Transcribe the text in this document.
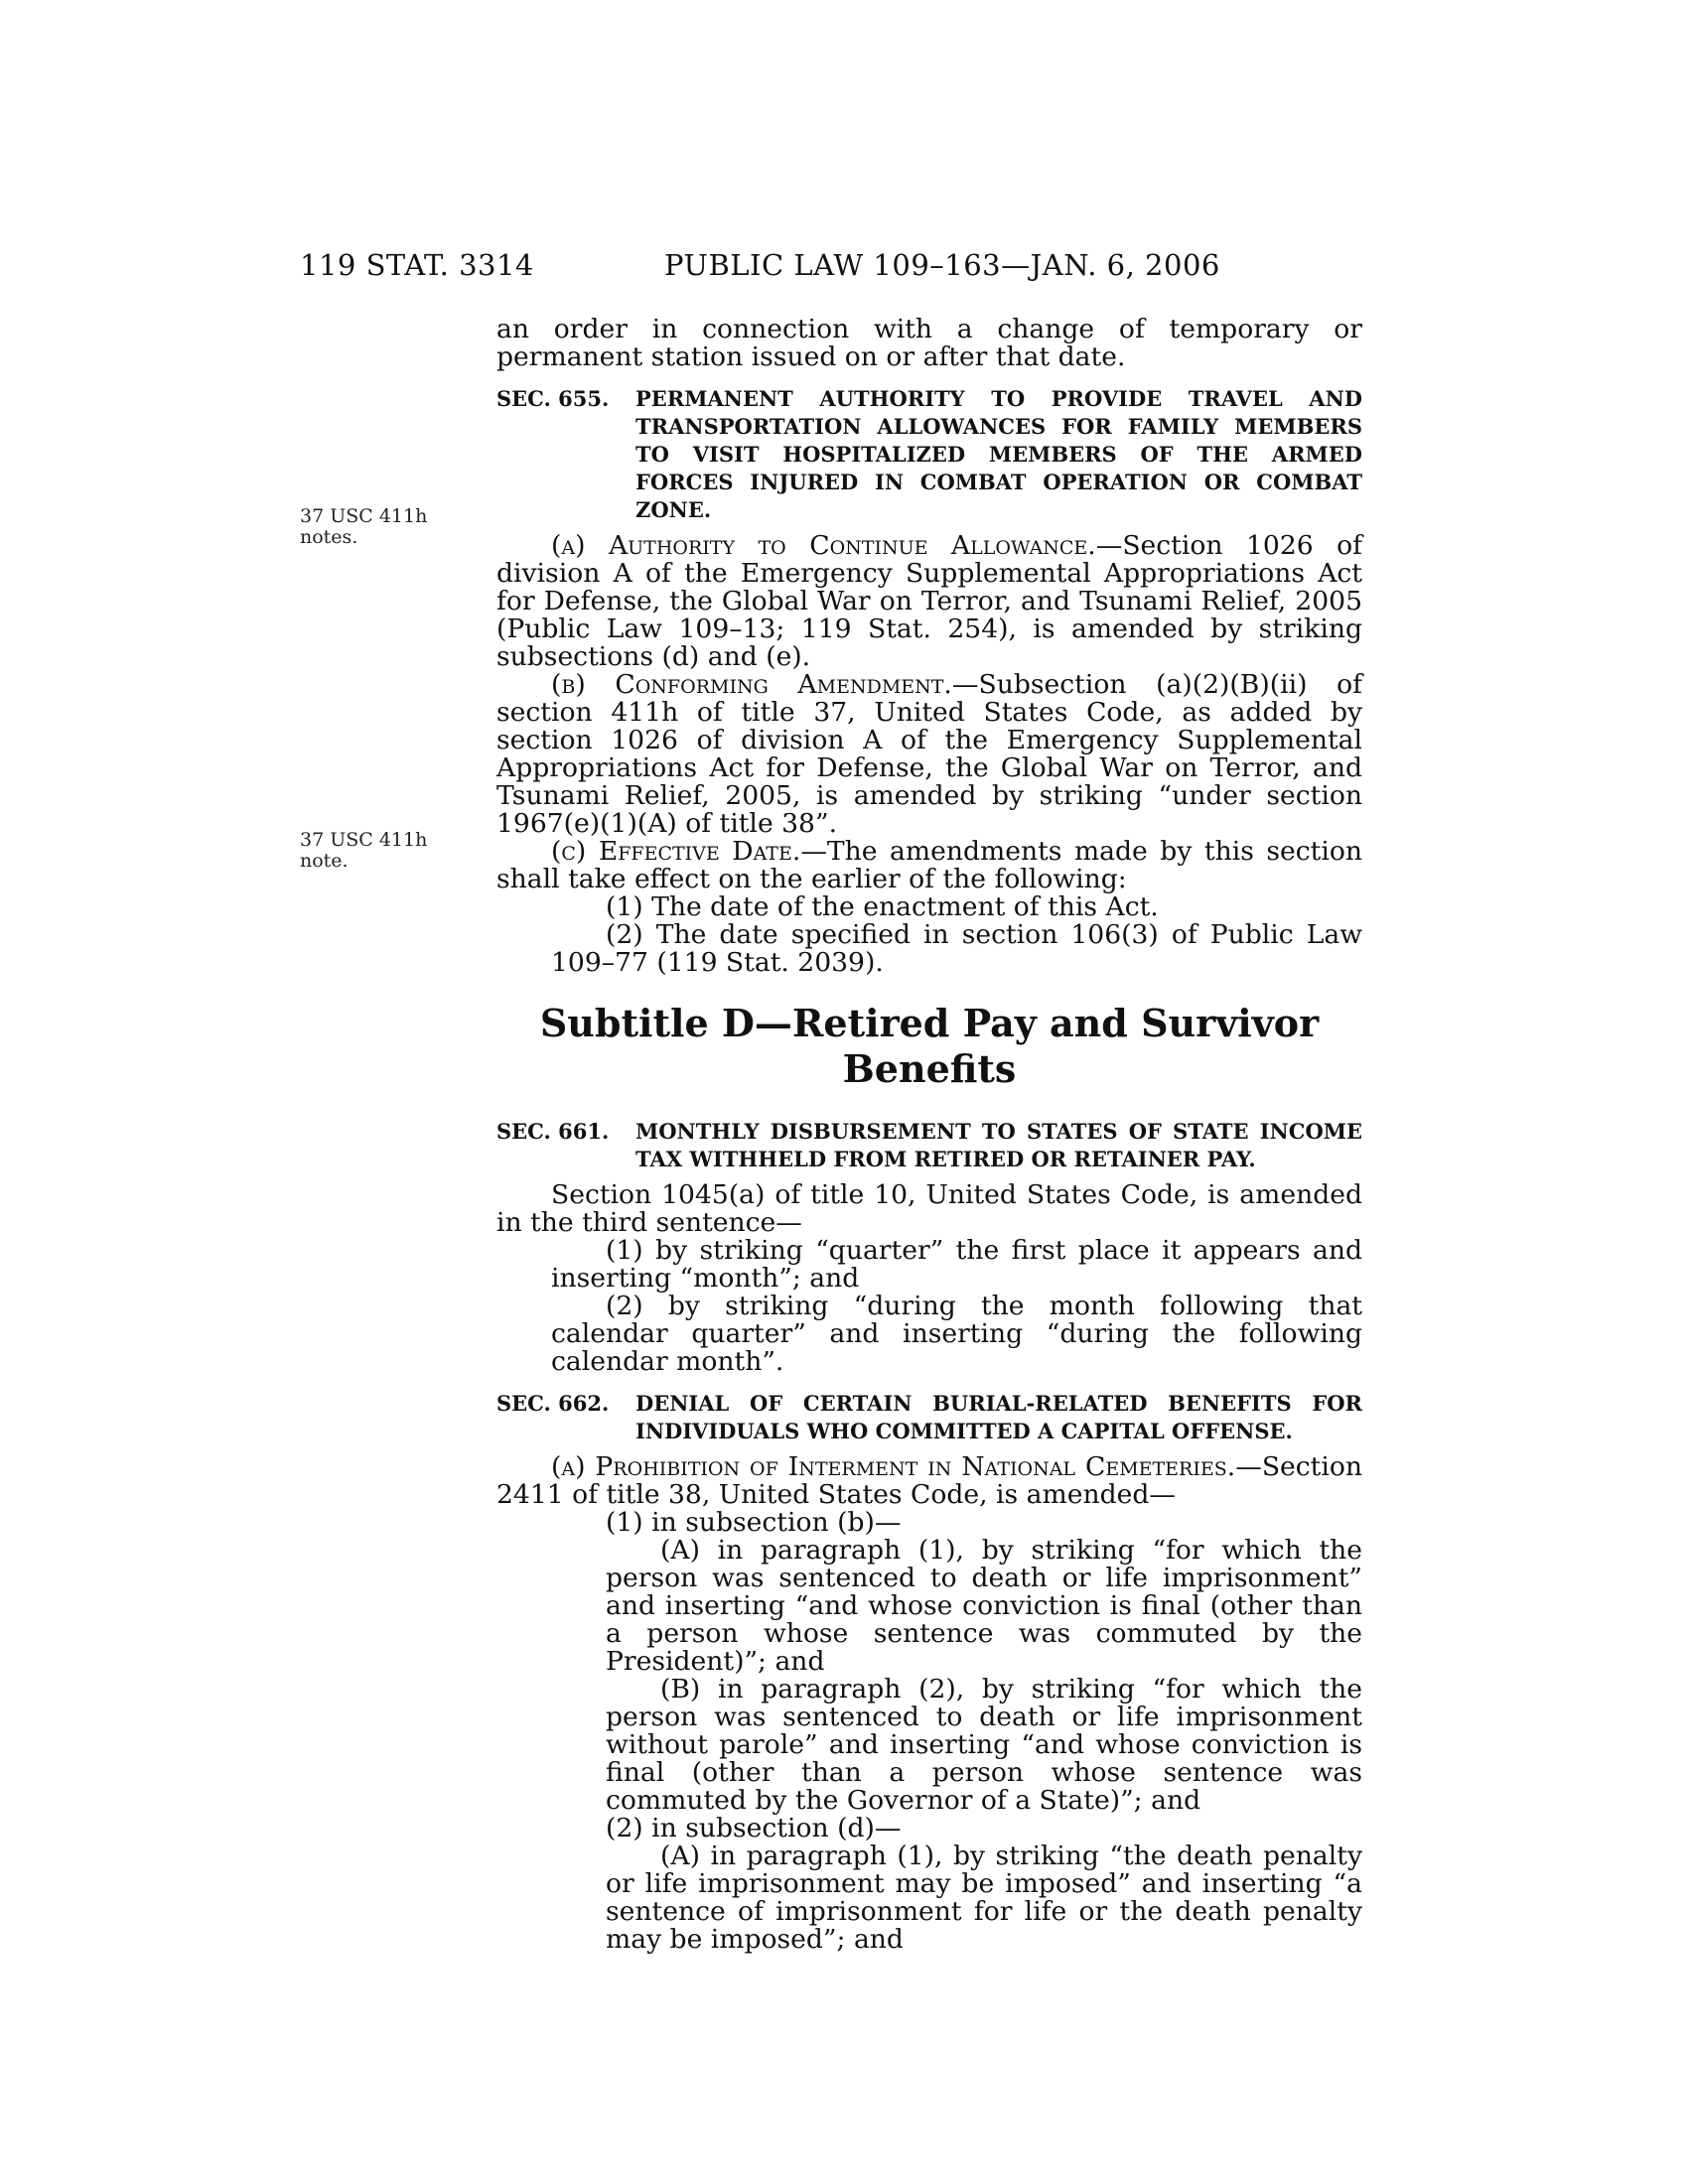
119 STAT. 3314	PUBLIC LAW 109–163—JAN. 6, 2006
37 USC 411h
notes.
37 USC 411h
note.

an order in connection with a change of temporary or permanent station issued on or after that date.

SEC. 655.	PERMANENT AUTHORITY TO PROVIDE TRAVEL AND TRANSPORTATION ALLOWANCES FOR FAMILY MEMBERS TO VISIT HOSPITALIZED MEMBERS OF THE ARMED FORCES INJURED IN COMBAT OPERATION OR COMBAT ZONE.

(a) Authority to Continue Allowance.—Section 1026 of division A of the Emergency Supplemental Appropriations Act for Defense, the Global War on Terror, and Tsunami Relief, 2005 (Public Law 109–13; 119 Stat. 254), is amended by striking subsections (d) and (e).

(b) Conforming Amendment.—Subsection (a)(2)(B)(ii) of section 411h of title 37, United States Code, as added by section 1026 of division A of the Emergency Supplemental Appropriations Act for Defense, the Global War on Terror, and Tsunami Relief, 2005, is amended by striking “under section 1967(e)(1)(A) of title 38”.

(c) Effective Date.—The amendments made by this section shall take effect on the earlier of the following:

(1) The date of the enactment of this Act.

(2) The date specified in section 106(3) of Public Law 109–77 (119 Stat. 2039).

Subtitle D—Retired Pay and Survivor
Benefits

SEC. 661.	MONTHLY DISBURSEMENT TO STATES OF STATE INCOME TAX WITHHELD FROM RETIRED OR RETAINER PAY.

Section 1045(a) of title 10, United States Code, is amended in the third sentence—

(1) by striking “quarter” the first place it appears and inserting “month”; and

(2) by striking “during the month following that calendar quarter” and inserting “during the following calendar month”.

SEC. 662.	DENIAL OF CERTAIN BURIAL-RELATED BENEFITS FOR INDIVIDUALS WHO COMMITTED A CAPITAL OFFENSE.

(a) Prohibition of Interment in National Cemeteries.—Section 2411 of title 38, United States Code, is amended—

(1) in subsection (b)—

(A) in paragraph (1), by striking “for which the person was sentenced to death or life imprisonment” and inserting “and whose conviction is final (other than a person whose sentence was commuted by the President)”; and

(B) in paragraph (2), by striking “for which the person was sentenced to death or life imprisonment without parole” and inserting “and whose conviction is final (other than a person whose sentence was commuted by the Governor of a State)”; and

(2) in subsection (d)—

(A) in paragraph (1), by striking “the death penalty or life imprisonment may be imposed” and inserting “a sentence of imprisonment for life or the death penalty may be imposed”; and
